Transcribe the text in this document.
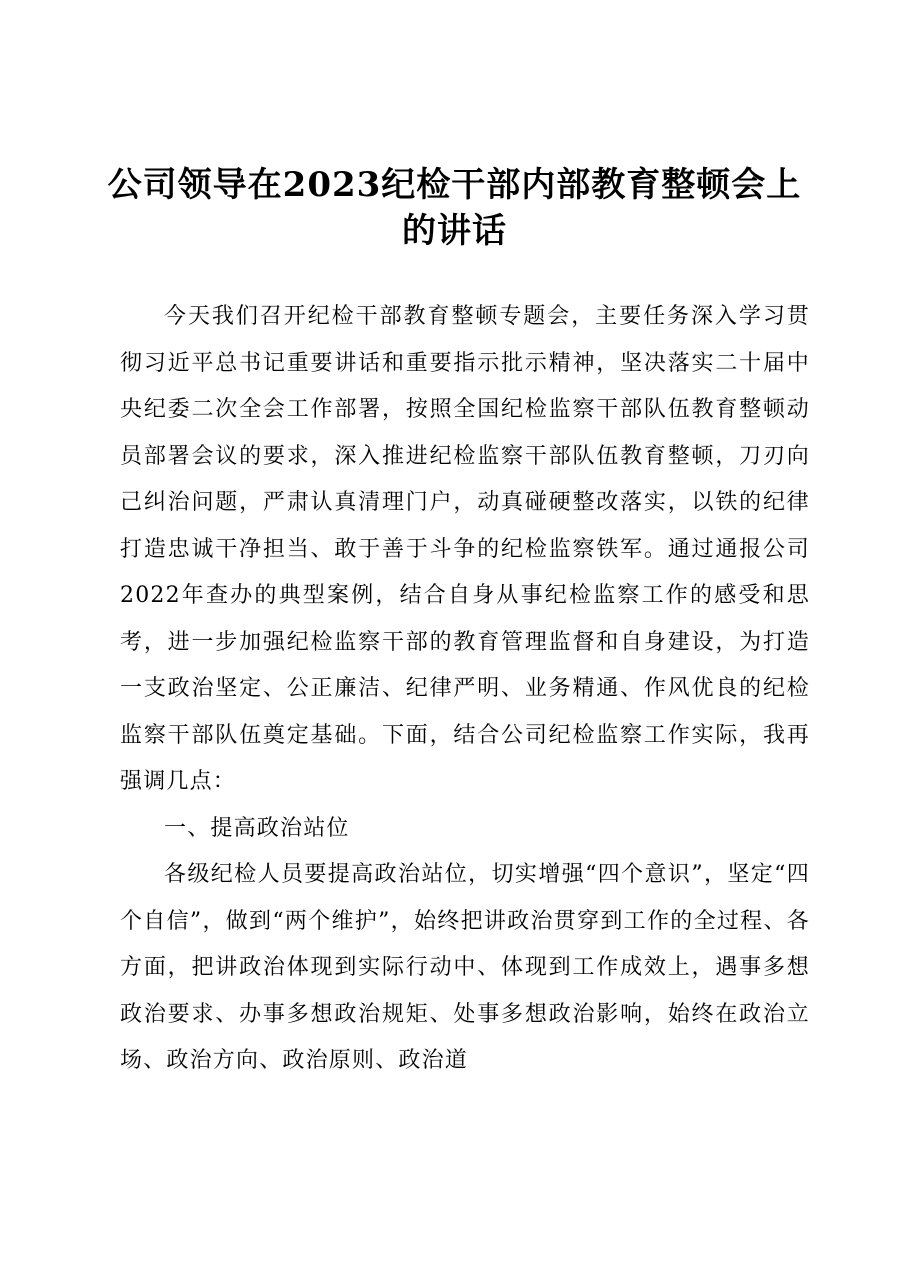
公司领导在2023纪检干部内部教育整顿会上的讲话

今天我们召开纪检干部教育整顿专题会，主要任务深入学习贯彻习近平总书记重要讲话和重要指示批示精神，坚决落实二十届中央纪委二次全会工作部署，按照全国纪检监察干部队伍教育整顿动员部署会议的要求，深入推进纪检监察干部队伍教育整顿，刀刃向己纠治问题，严肃认真清理门户，动真碰硬整改落实，以铁的纪律打造忠诚干净担当、敢于善于斗争的纪检监察铁军。通过通报公司2022年查办的典型案例，结合自身从事纪检监察工作的感受和思考，进一步加强纪检监察干部的教育管理监督和自身建设，为打造一支政治坚定、公正廉洁、纪律严明、业务精通、作风优良的纪检监察干部队伍奠定基础。下面，结合公司纪检监察工作实际，我再强调几点：

一、提高政治站位

各级纪检人员要提高政治站位，切实增强“四个意识”，坚定“四个自信”，做到“两个维护”，始终把讲政治贯穿到工作的全过程、各方面，把讲政治体现到实际行动中、体现到工作成效上，遇事多想政治要求、办事多想政治规矩、处事多想政治影响，始终在政治立场、政治方向、政治原则、政治道
